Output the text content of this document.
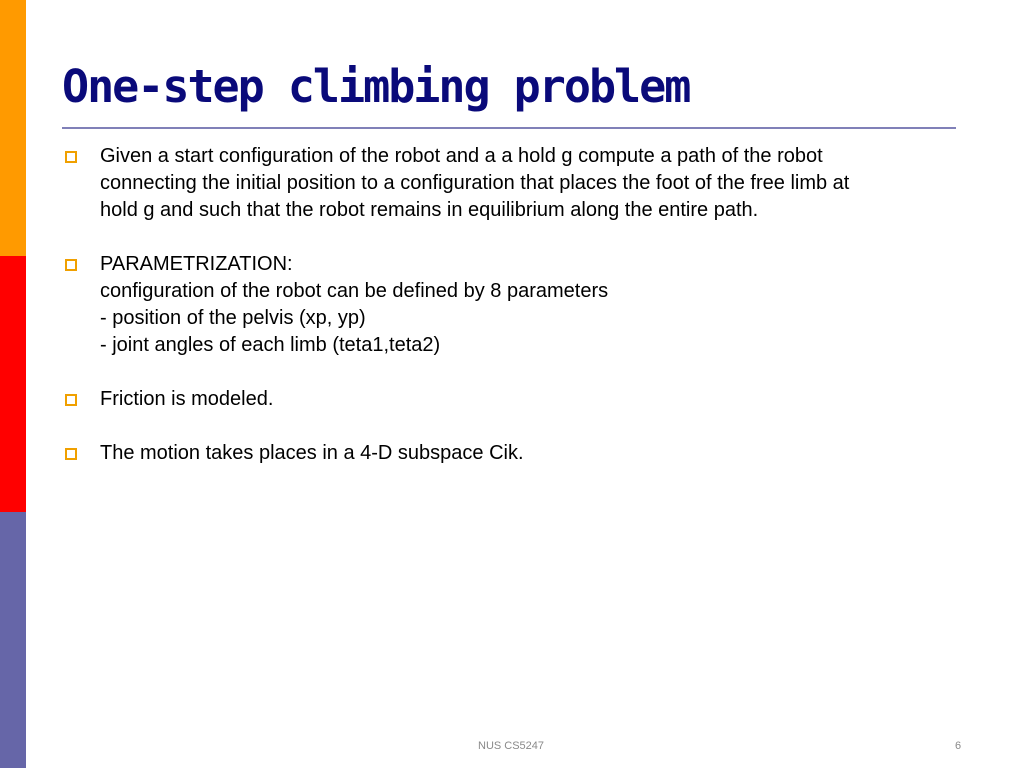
One-step climbing problem
Given a start configuration of the robot and a a hold g compute a path of the robot
connecting the initial position to a configuration that places the foot of the free limb at
hold g and such that the robot remains in equilibrium along the entire path.
PARAMETRIZATION:
configuration of the robot can be defined by 8 parameters
- position of the pelvis (xp, yp)
- joint angles of each limb (teta1,teta2)
Friction is modeled.
The motion takes places in a 4-D subspace Cik.
NUS CS5247	6
